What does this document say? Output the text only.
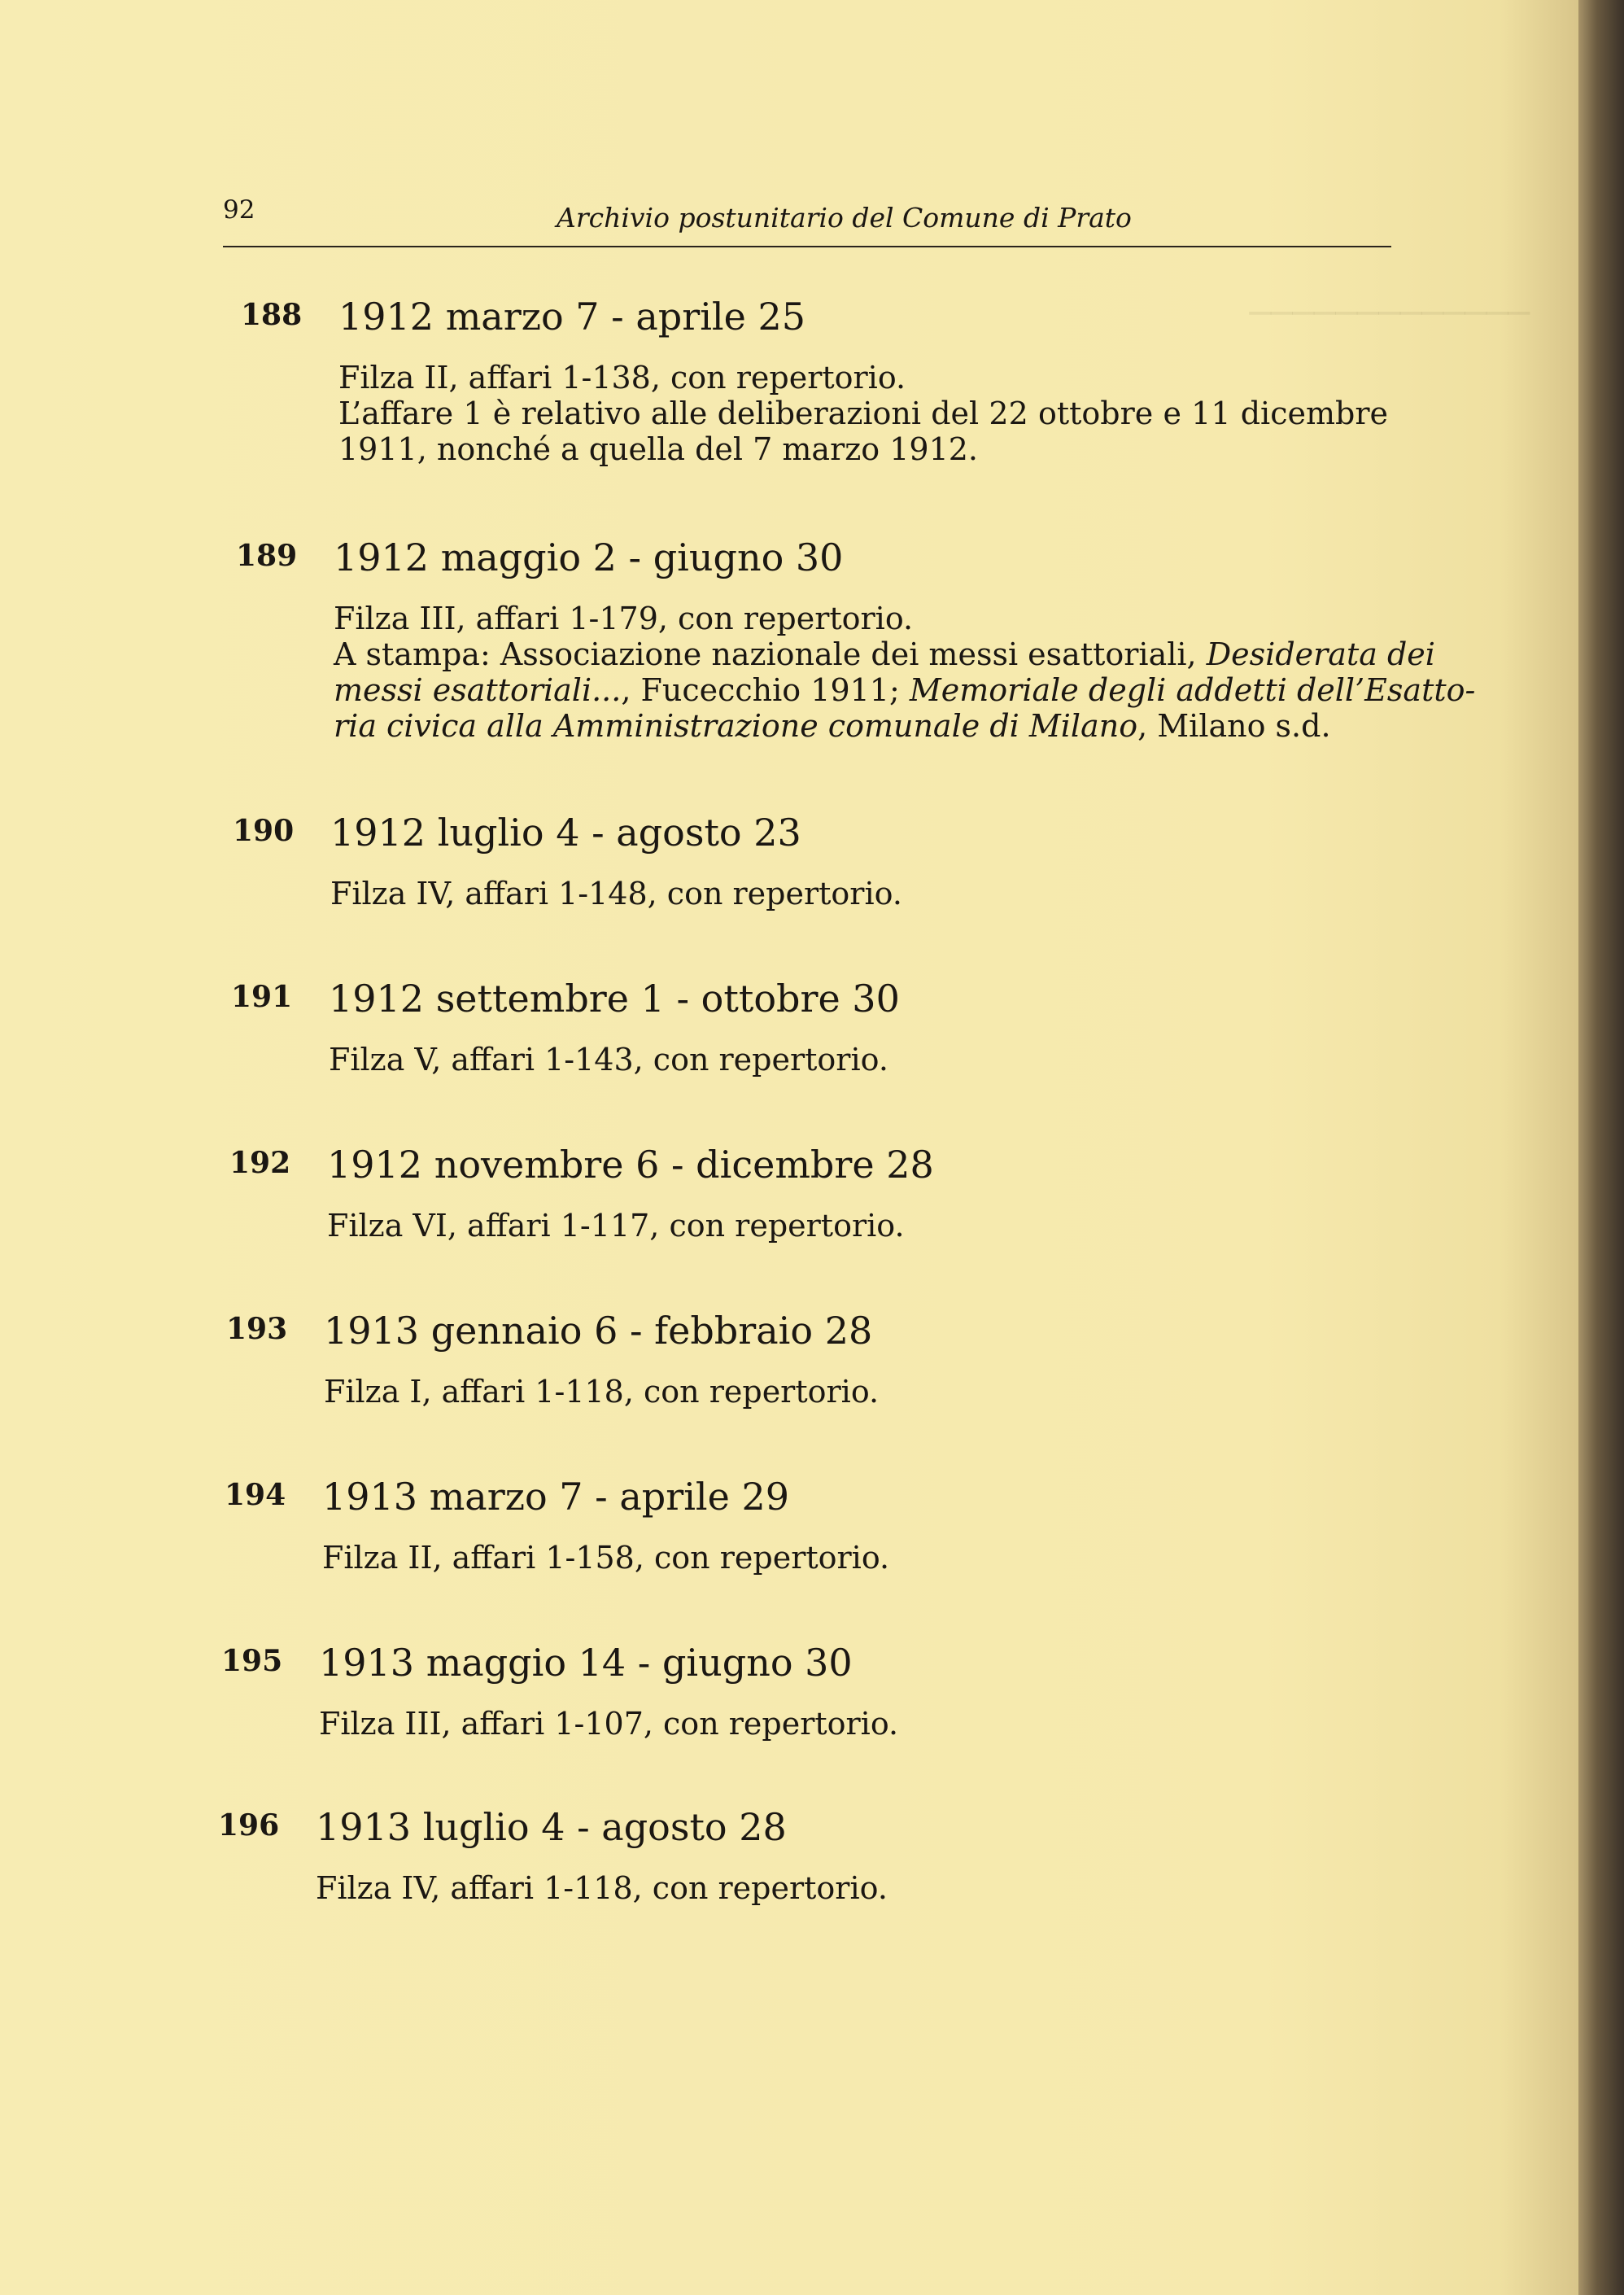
─────────────
92	Archivio postunitario del Comune di Prato
188 1912 marzo 7 - aprile 25
Filza II, affari 1-138, con repertorio.
L’affare 1 è relativo alle deliberazioni del 22 ottobre e 11 dicembre
1911, nonché a quella del 7 marzo 1912.
189 1912 maggio 2 - giugno 30
Filza III, affari 1-179, con repertorio.
A stampa: Associazione nazionale dei messi esattoriali, Desiderata dei
messi esattoriali..., Fucecchio 1911; Memoriale degli addetti dell’Esatto-
ria civica alla Amministrazione comunale di Milano, Milano s.d.
190 1912 luglio 4 - agosto 23
Filza IV, affari 1-148, con repertorio.
191 1912 settembre 1 - ottobre 30
Filza V, affari 1-143, con repertorio.
192 1912 novembre 6 - dicembre 28
Filza VI, affari 1-117, con repertorio.
193 1913 gennaio 6 - febbraio 28
Filza I, affari 1-118, con repertorio.
194 1913 marzo 7 - aprile 29
Filza II, affari 1-158, con repertorio.
195 1913 maggio 14 - giugno 30
Filza III, affari 1-107, con repertorio.
196 1913 luglio 4 - agosto 28
Filza IV, affari 1-118, con repertorio.
